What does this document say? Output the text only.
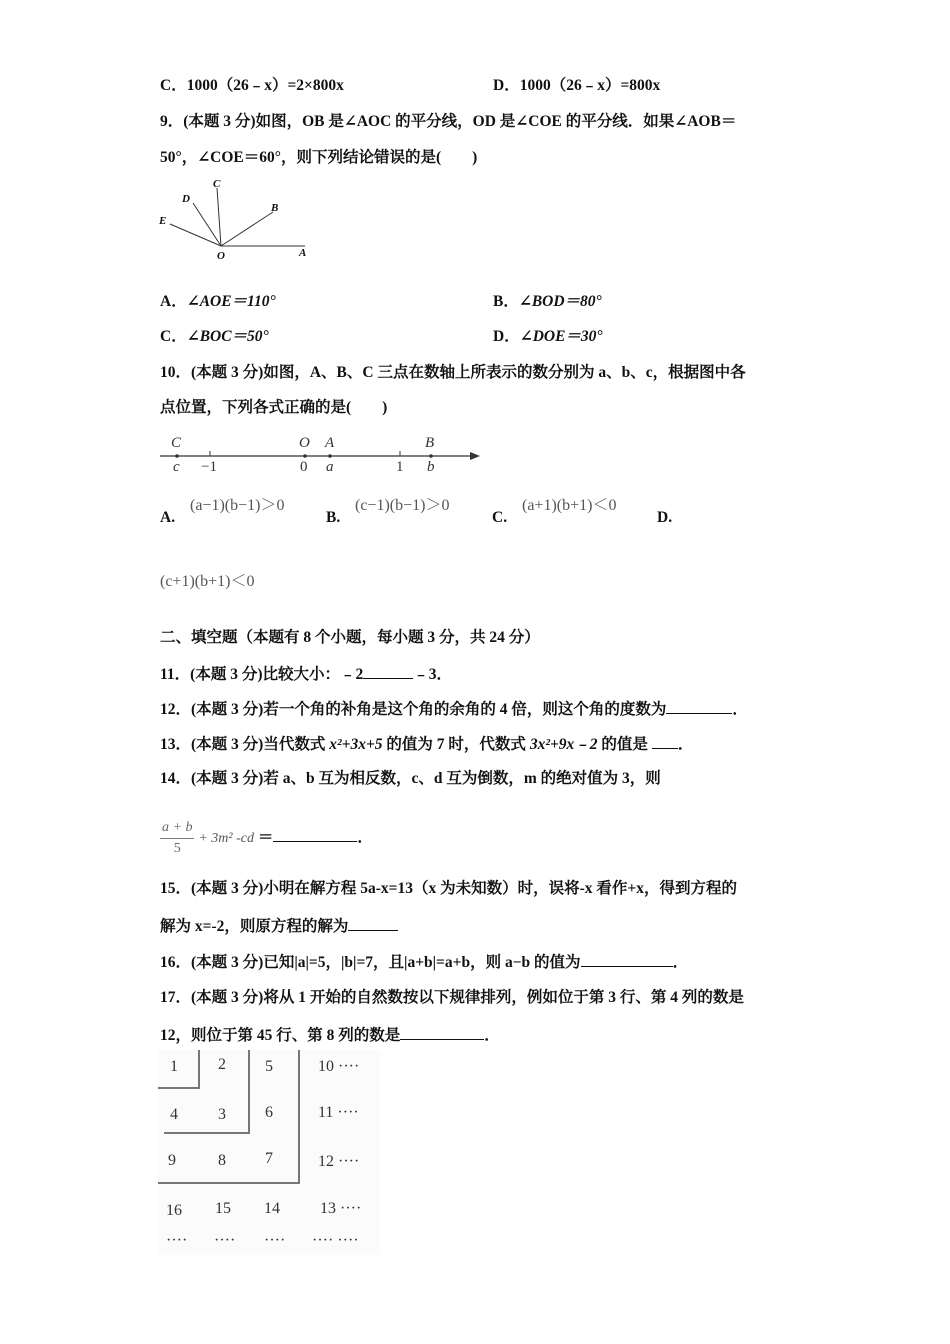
C．1000（26﹣x）=2×800x	D．1000（26﹣x）=800x
9．(本题 3 分)如图，OB 是∠AOC 的平分线，OD 是∠COE 的平分线．如果∠AOB＝
50°，∠COE＝60°，则下列结论错误的是(　　)
A
B
C
D
E
O
A．∠AOE＝110°	B．∠BOD＝80°
C．∠BOC＝50°	D．∠DOE＝30°
10．(本题 3 分)如图，A、B、C 三点在数轴上所表示的数分别为 a、b、c，根据图中各
点位置，下列各式正确的是(　　)
C	O A	B
c −1	0 a	1 b
A.
(a−1)(b−1)＞0
B.
(c−1)(b−1)＞0
C.
(a+1)(b+1)＜0
D.
(c+1)(b+1)＜0
二、填空题（本题有 8 个小题，每小题 3 分，共 24 分）
11．(本题 3 分)比较大小：﹣2	﹣3．
12．(本题 3 分)若一个角的补角是这个角的余角的 4 倍，则这个角的度数为	．
13．(本题 3 分)当代数式 x²+3x+5 的值为 7 时，代数式 3x²+9x﹣2 的值是 ．
14．(本题 3 分)若 a、b 互为相反数，c、d 互为倒数，m 的绝对值为 3，则
$\frac{a + b}{5} + 3m^2$ -cd ＝	．
15．(本题 3 分)小明在解方程 5a-x=13（x 为未知数）时，误将-x 看作+x，得到方程的
解为 x=-2，则原方程的解为
16．(本题 3 分)已知|a|=5，|b|=7，且|a+b|=a+b，则 a−b 的值为	．
17．(本题 3 分)将从 1 开始的自然数按以下规律排列，例如位于第 3 行、第 4 列的数是
12，则位于第 45 行、第 8 列的数是	．
1	2 5	10 ····
4	3 6	11 ····
9	8 7	12 ····
16 15 14	13 ····
···· ···· ···· ···· ····
